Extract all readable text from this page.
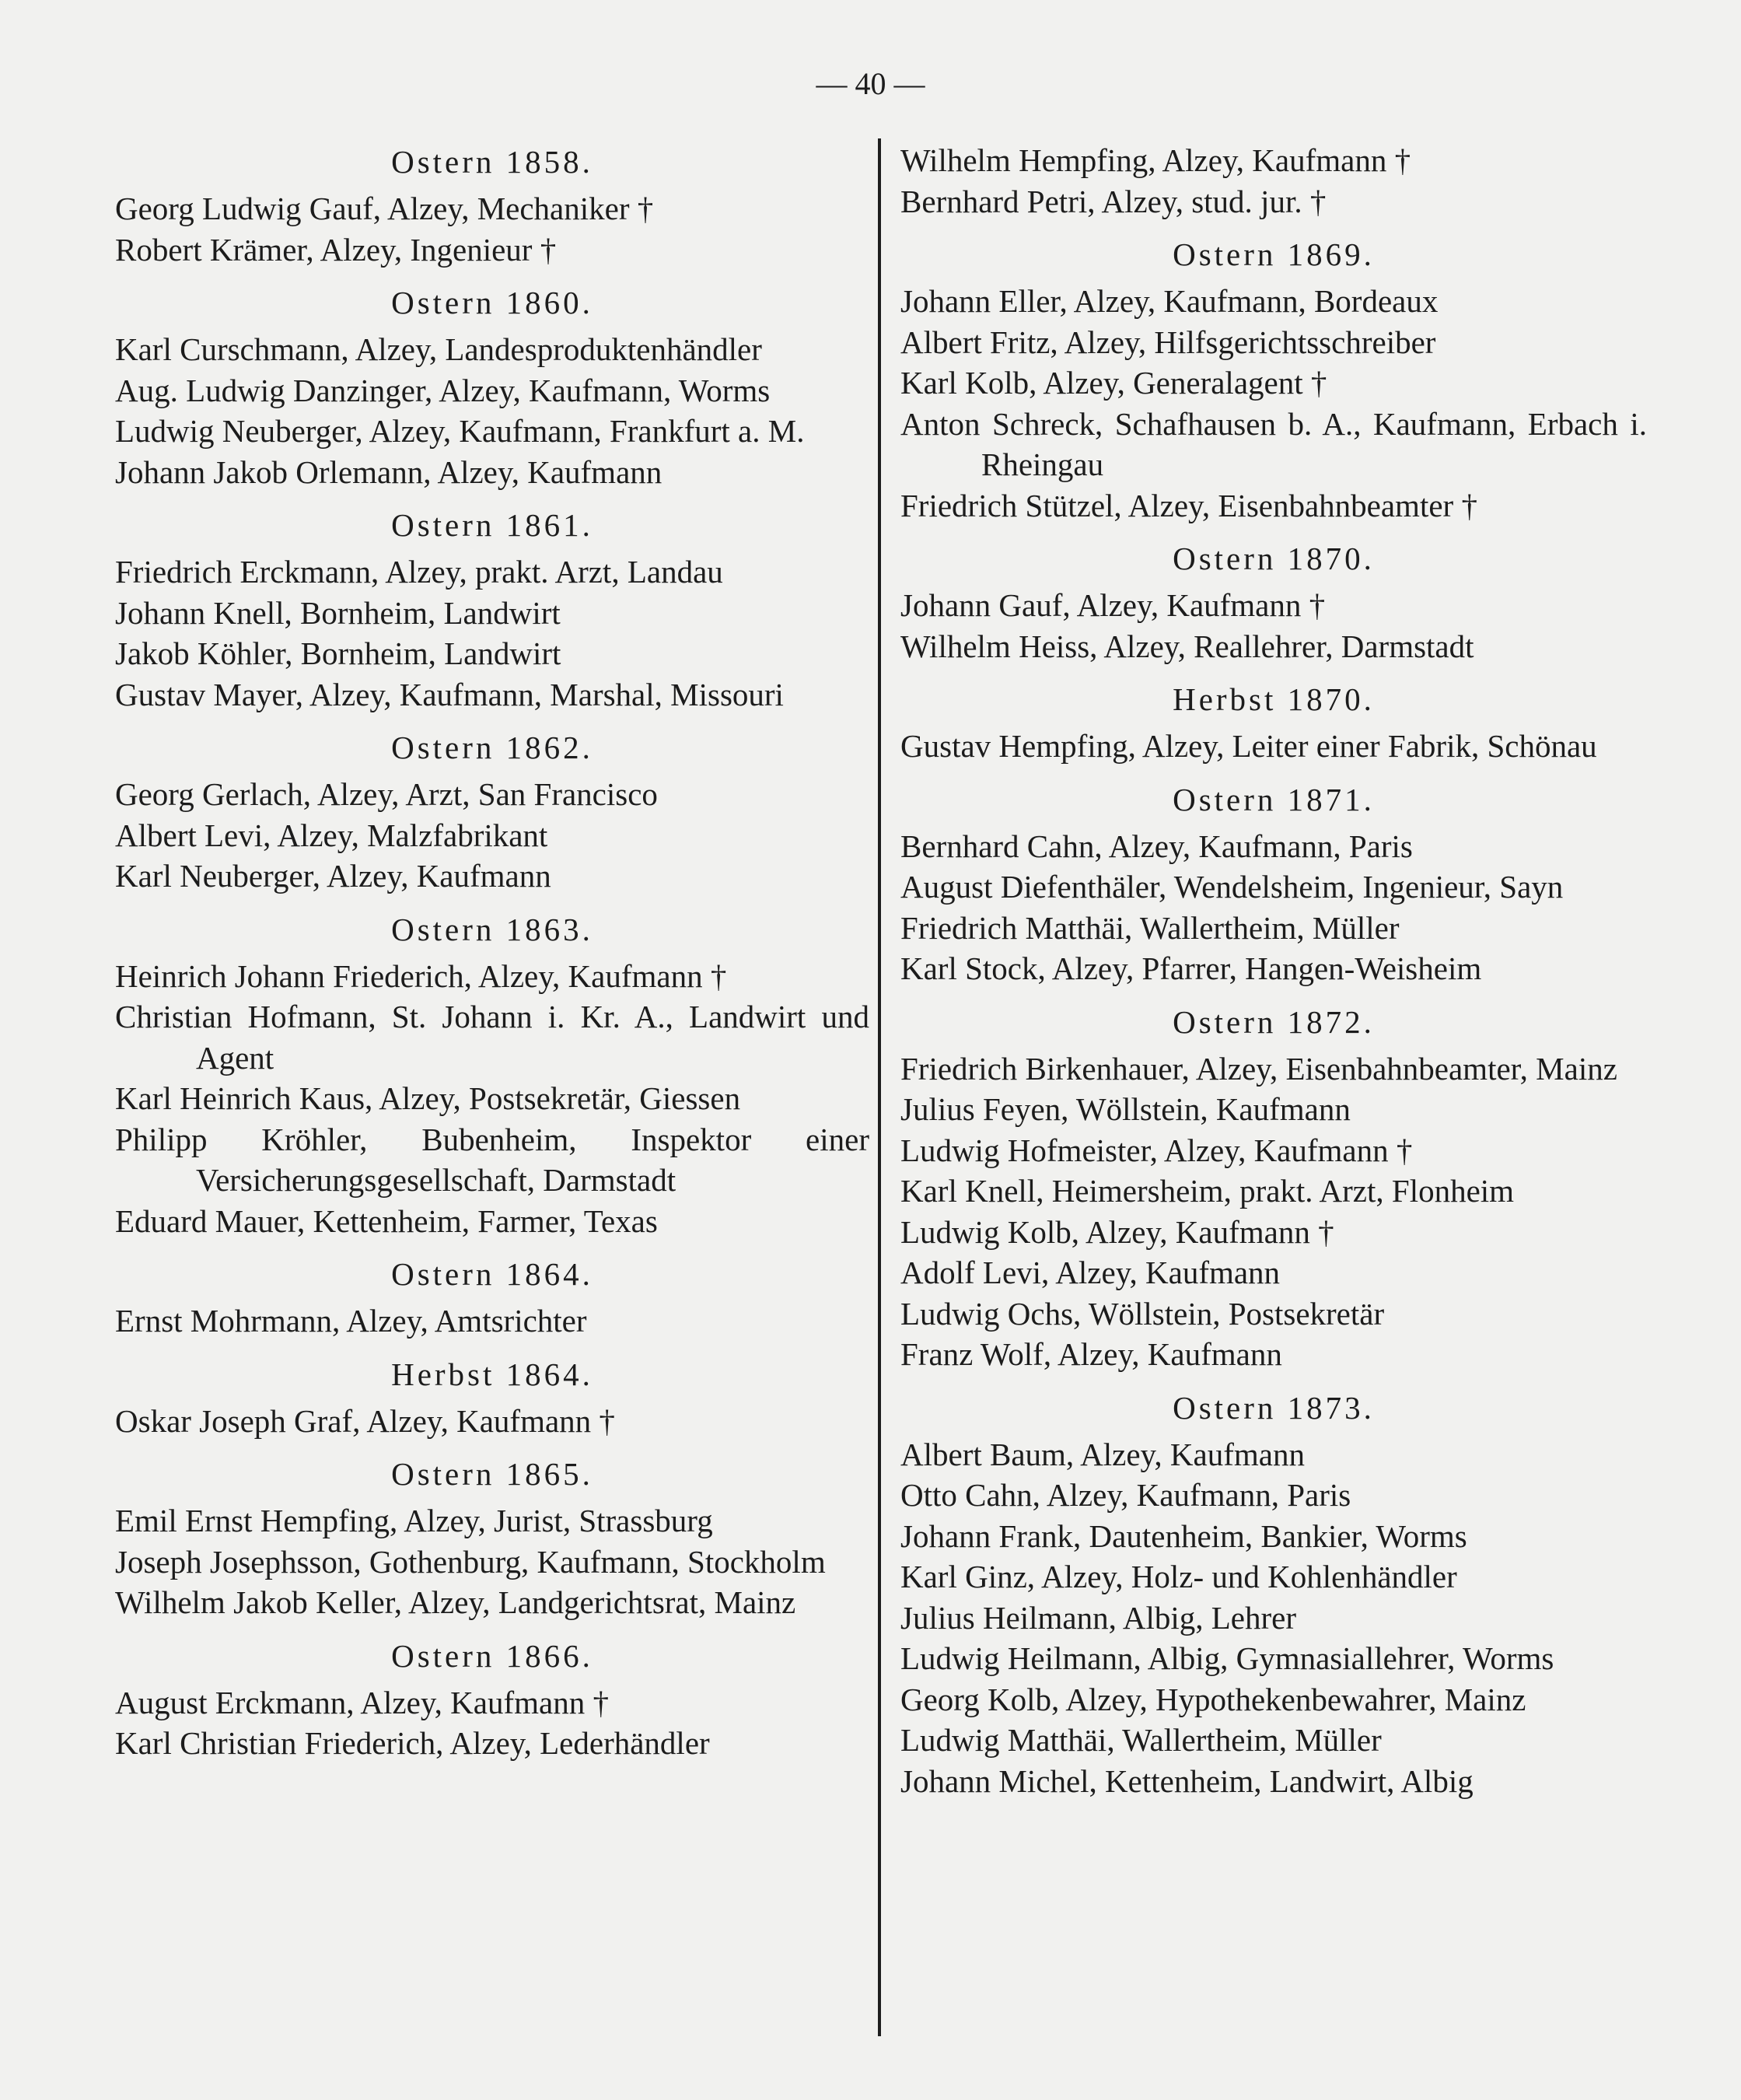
— 40 —
Ostern 1858.
Georg Ludwig Gauf, Alzey, Mechaniker †
Robert Krämer, Alzey, Ingenieur †
Ostern 1860.
Karl Curschmann, Alzey, Landesproduktenhändler
Aug. Ludwig Danzinger, Alzey, Kaufmann, Worms
Ludwig Neuberger, Alzey, Kaufmann, Frankfurt a. M.
Johann Jakob Orlemann, Alzey, Kaufmann
Ostern 1861.
Friedrich Erckmann, Alzey, prakt. Arzt, Landau
Johann Knell, Bornheim, Landwirt
Jakob Köhler, Bornheim, Landwirt
Gustav Mayer, Alzey, Kaufmann, Marshal, Missouri
Ostern 1862.
Georg Gerlach, Alzey, Arzt, San Francisco
Albert Levi, Alzey, Malzfabrikant
Karl Neuberger, Alzey, Kaufmann
Ostern 1863.
Heinrich Johann Friederich, Alzey, Kaufmann †
Christian Hofmann, St. Johann i. Kr. A., Landwirt und Agent
Karl Heinrich Kaus, Alzey, Postsekretär, Giessen
Philipp Kröhler, Bubenheim, Inspektor einer Versicherungsgesellschaft, Darmstadt
Eduard Mauer, Kettenheim, Farmer, Texas
Ostern 1864.
Ernst Mohrmann, Alzey, Amtsrichter
Herbst 1864.
Oskar Joseph Graf, Alzey, Kaufmann †
Ostern 1865.
Emil Ernst Hempfing, Alzey, Jurist, Strassburg
Joseph Josephsson, Gothenburg, Kaufmann, Stockholm
Wilhelm Jakob Keller, Alzey, Landgerichtsrat, Mainz
Ostern 1866.
August Erckmann, Alzey, Kaufmann †
Karl Christian Friederich, Alzey, Lederhändler
Wilhelm Hempfing, Alzey, Kaufmann †
Bernhard Petri, Alzey, stud. jur. †
Ostern 1869.
Johann Eller, Alzey, Kaufmann, Bordeaux
Albert Fritz, Alzey, Hilfsgerichtsschreiber
Karl Kolb, Alzey, Generalagent †
Anton Schreck, Schafhausen b. A., Kaufmann, Erbach i. Rheingau
Friedrich Stützel, Alzey, Eisenbahnbeamter †
Ostern 1870.
Johann Gauf, Alzey, Kaufmann †
Wilhelm Heiss, Alzey, Reallehrer, Darmstadt
Herbst 1870.
Gustav Hempfing, Alzey, Leiter einer Fabrik, Schönau
Ostern 1871.
Bernhard Cahn, Alzey, Kaufmann, Paris
August Diefenthäler, Wendelsheim, Ingenieur, Sayn
Friedrich Matthäi, Wallertheim, Müller
Karl Stock, Alzey, Pfarrer, Hangen-Weisheim
Ostern 1872.
Friedrich Birkenhauer, Alzey, Eisenbahnbeamter, Mainz
Julius Feyen, Wöllstein, Kaufmann
Ludwig Hofmeister, Alzey, Kaufmann †
Karl Knell, Heimersheim, prakt. Arzt, Flonheim
Ludwig Kolb, Alzey, Kaufmann †
Adolf Levi, Alzey, Kaufmann
Ludwig Ochs, Wöllstein, Postsekretär
Franz Wolf, Alzey, Kaufmann
Ostern 1873.
Albert Baum, Alzey, Kaufmann
Otto Cahn, Alzey, Kaufmann, Paris
Johann Frank, Dautenheim, Bankier, Worms
Karl Ginz, Alzey, Holz- und Kohlenhändler
Julius Heilmann, Albig, Lehrer
Ludwig Heilmann, Albig, Gymnasiallehrer, Worms
Georg Kolb, Alzey, Hypothekenbewahrer, Mainz
Ludwig Matthäi, Wallertheim, Müller
Johann Michel, Kettenheim, Landwirt, Albig
